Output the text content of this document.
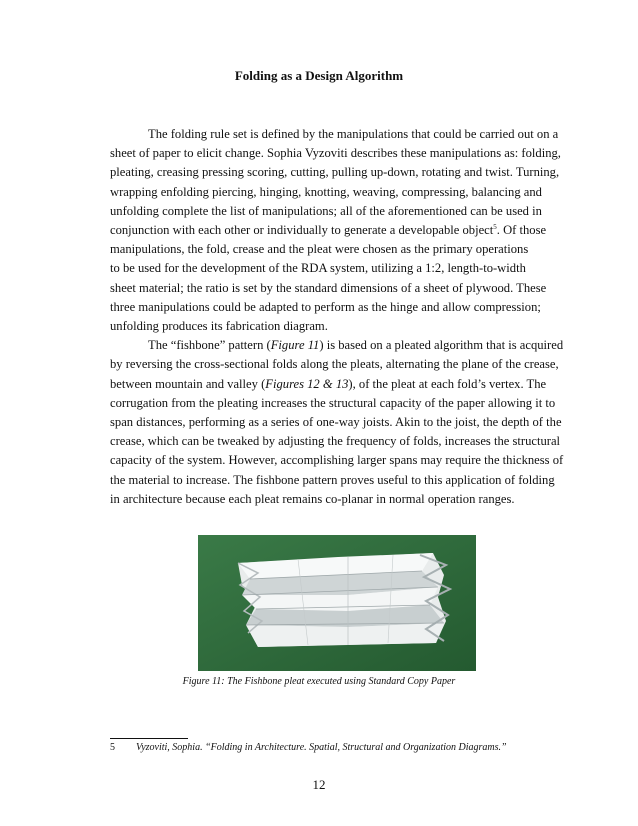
Folding as a Design Algorithm
The folding rule set is defined by the manipulations that could be carried out on a
sheet of paper to elicit change. Sophia Vyzoviti describes these manipulations as: folding,
pleating, creasing pressing scoring, cutting, pulling up-down, rotating and twist. Turning,
wrapping enfolding piercing, hinging, knotting, weaving, compressing, balancing and
unfolding complete the list of manipulations; all of the aforementioned can be used in
conjunction with each other or individually to generate a developable object$^5$. Of those
manipulations, the fold, crease and the pleat were chosen as the primary operations
to be used for the development of the RDA system, utilizing a 1:2, length-to-width
sheet material; the ratio is set by the standard dimensions of a sheet of plywood. These
three manipulations could be adapted to perform as the hinge and allow compression;
unfolding produces its fabrication diagram.
The “fishbone” pattern (Figure 11) is based on a pleated algorithm that is acquired
by reversing the cross-sectional folds along the pleats, alternating the plane of the crease,
between mountain and valley (Figures 12 & 13), of the pleat at each fold’s vertex. The
corrugation from the pleating increases the structural capacity of the paper allowing it to
span distances, performing as a series of one-way joists. Akin to the joist, the depth of the
crease, which can be tweaked by adjusting the frequency of folds, increases the structural
capacity of the system. However, accomplishing larger spans may require the thickness of
the material to increase. The fishbone pattern proves useful to this application of folding
in architecture because each pleat remains co-planar in normal operation ranges.
Figure 11: The Fishbone pleat executed using Standard Copy Paper
5 Vyzoviti, Sophia. “Folding in Architecture. Spatial, Structural and Organization Diagrams.”
12
